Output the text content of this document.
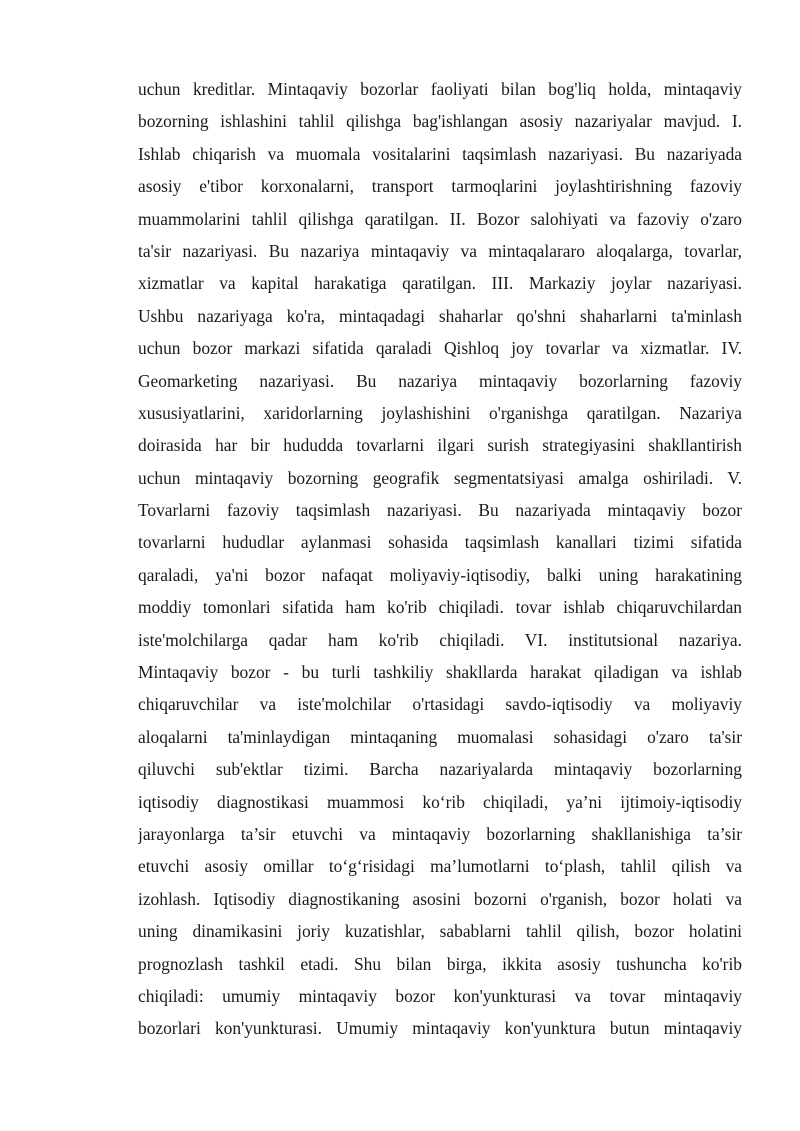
uchun kreditlar. Mintaqaviy bozorlar faoliyati bilan bog'liq holda, mintaqaviy
bozorning ishlashini tahlil qilishga bag'ishlangan asosiy nazariyalar mavjud. I.
Ishlab chiqarish va muomala vositalarini taqsimlash nazariyasi. Bu nazariyada
asosiy e'tibor korxonalarni, transport tarmoqlarini joylashtirishning fazoviy
muammolarini tahlil qilishga qaratilgan. II. Bozor salohiyati va fazoviy o'zaro
ta'sir nazariyasi. Bu nazariya mintaqaviy va mintaqalararo aloqalarga, tovarlar,
xizmatlar va kapital harakatiga qaratilgan. III. Markaziy joylar nazariyasi.
Ushbu nazariyaga ko'ra, mintaqadagi shaharlar qo'shni shaharlarni ta'minlash
uchun bozor markazi sifatida qaraladi Qishloq joy tovarlar va xizmatlar. IV.
Geomarketing nazariyasi. Bu nazariya mintaqaviy bozorlarning fazoviy
xususiyatlarini, xaridorlarning joylashishini o'rganishga qaratilgan. Nazariya
doirasida har bir hududda tovarlarni ilgari surish strategiyasini shakllantirish
uchun mintaqaviy bozorning geografik segmentatsiyasi amalga oshiriladi. V.
Tovarlarni fazoviy taqsimlash nazariyasi. Bu nazariyada mintaqaviy bozor
tovarlarni hududlar aylanmasi sohasida taqsimlash kanallari tizimi sifatida
qaraladi, ya'ni bozor nafaqat moliyaviy-iqtisodiy, balki uning harakatining
moddiy tomonlari sifatida ham ko'rib chiqiladi. tovar ishlab chiqaruvchilardan
iste'molchilarga qadar ham ko'rib chiqiladi. VI. institutsional nazariya.
Mintaqaviy bozor - bu turli tashkiliy shakllarda harakat qiladigan va ishlab
chiqaruvchilar va iste'molchilar o'rtasidagi savdo-iqtisodiy va moliyaviy
aloqalarni ta'minlaydigan mintaqaning muomalasi sohasidagi o'zaro ta'sir
qiluvchi sub'ektlar tizimi. Barcha nazariyalarda mintaqaviy bozorlarning
iqtisodiy diagnostikasi muammosi ko‘rib chiqiladi, ya’ni ijtimoiy-iqtisodiy
jarayonlarga ta’sir etuvchi va mintaqaviy bozorlarning shakllanishiga ta’sir
etuvchi asosiy omillar to‘g‘risidagi ma’lumotlarni to‘plash, tahlil qilish va
izohlash. Iqtisodiy diagnostikaning asosini bozorni o'rganish, bozor holati va
uning dinamikasini joriy kuzatishlar, sabablarni tahlil qilish, bozor holatini
prognozlash tashkil etadi. Shu bilan birga, ikkita asosiy tushuncha ko'rib
chiqiladi: umumiy mintaqaviy bozor kon'yunkturasi va tovar mintaqaviy
bozorlari kon'yunkturasi. Umumiy mintaqaviy kon'yunktura butun mintaqaviy
